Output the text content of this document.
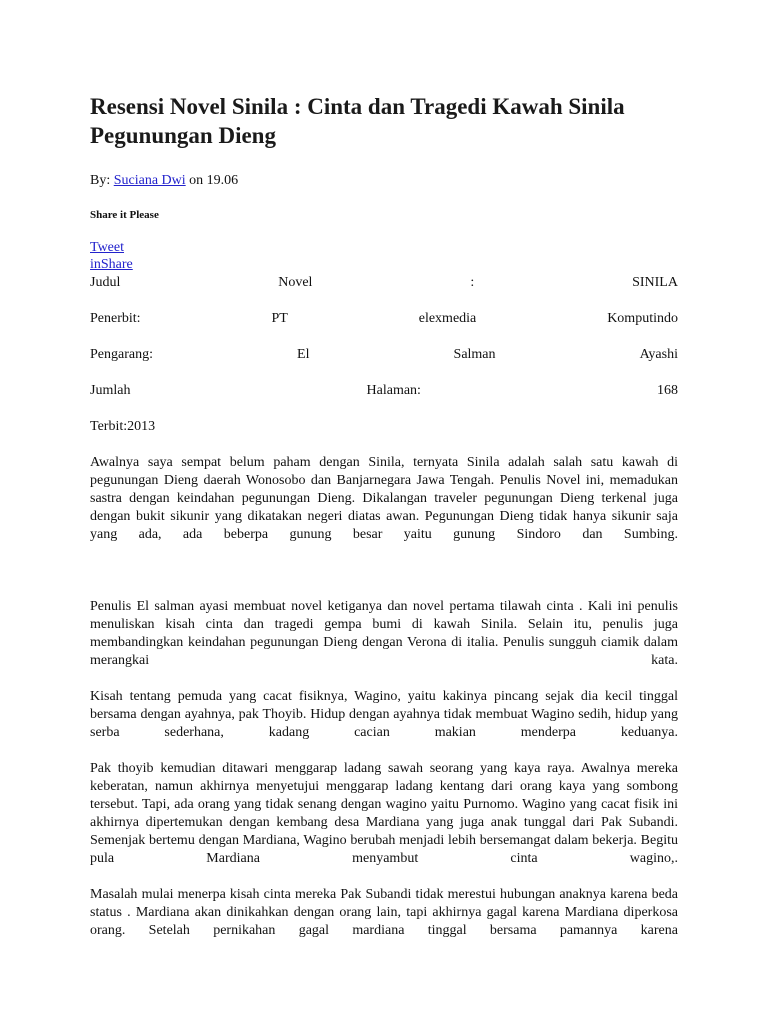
Resensi Novel Sinila : Cinta dan Tragedi Kawah Sinila Pegunungan Dieng
By: Suciana Dwi on 19.06
Share it Please
Tweet
inShare
Judul	Novel	:	SINILA
Penerbit:	PT	elexmedia	Komputindo
Pengarang:	El	Salman	Ayashi
Jumlah	Halaman:	168
Terbit:2013

Awalnya saya sempat belum paham dengan Sinila, ternyata Sinila adalah salah satu kawah di pegunungan Dieng daerah Wonosobo dan Banjarnegara Jawa Tengah. Penulis Novel ini, memadukan sastra dengan keindahan pegunungan Dieng. Dikalangan traveler pegunungan Dieng terkenal juga dengan bukit sikunir yang dikatakan negeri diatas awan. Pegunungan Dieng tidak hanya sikunir saja yang ada, ada beberpa gunung besar yaitu gunung Sindoro dan Sumbing.

Penulis El salman ayasi membuat novel ketiganya dan novel pertama tilawah cinta . Kali ini penulis menuliskan kisah cinta dan tragedi gempa bumi di kawah Sinila. Selain itu, penulis juga membandingkan keindahan pegunungan Dieng dengan Verona di italia. Penulis sungguh ciamik dalam merangkai kata.

Kisah tentang pemuda yang cacat fisiknya, Wagino, yaitu kakinya pincang sejak dia kecil tinggal bersama dengan ayahnya, pak Thoyib. Hidup dengan ayahnya tidak membuat Wagino sedih, hidup yang serba sederhana, kadang cacian makian menderpa keduanya.

Pak thoyib kemudian ditawari menggarap ladang sawah seorang yang kaya raya. Awalnya mereka keberatan, namun akhirnya menyetujui menggarap ladang kentang dari orang kaya yang sombong tersebut. Tapi, ada orang yang tidak senang dengan wagino yaitu Purnomo. Wagino yang cacat fisik ini akhirnya dipertemukan dengan kembang desa Mardiana yang juga anak tunggal dari Pak Subandi. Semenjak bertemu dengan Mardiana, Wagino berubah menjadi lebih bersemangat dalam bekerja. Begitu pula Mardiana menyambut cinta wagino,.

Masalah mulai menerpa kisah cinta mereka Pak Subandi tidak merestui hubungan anaknya karena beda status . Mardiana akan dinikahkan dengan orang lain, tapi akhirnya gagal karena Mardiana diperkosa orang. Setelah pernikahan gagal mardiana tinggal bersama pamannya karena
